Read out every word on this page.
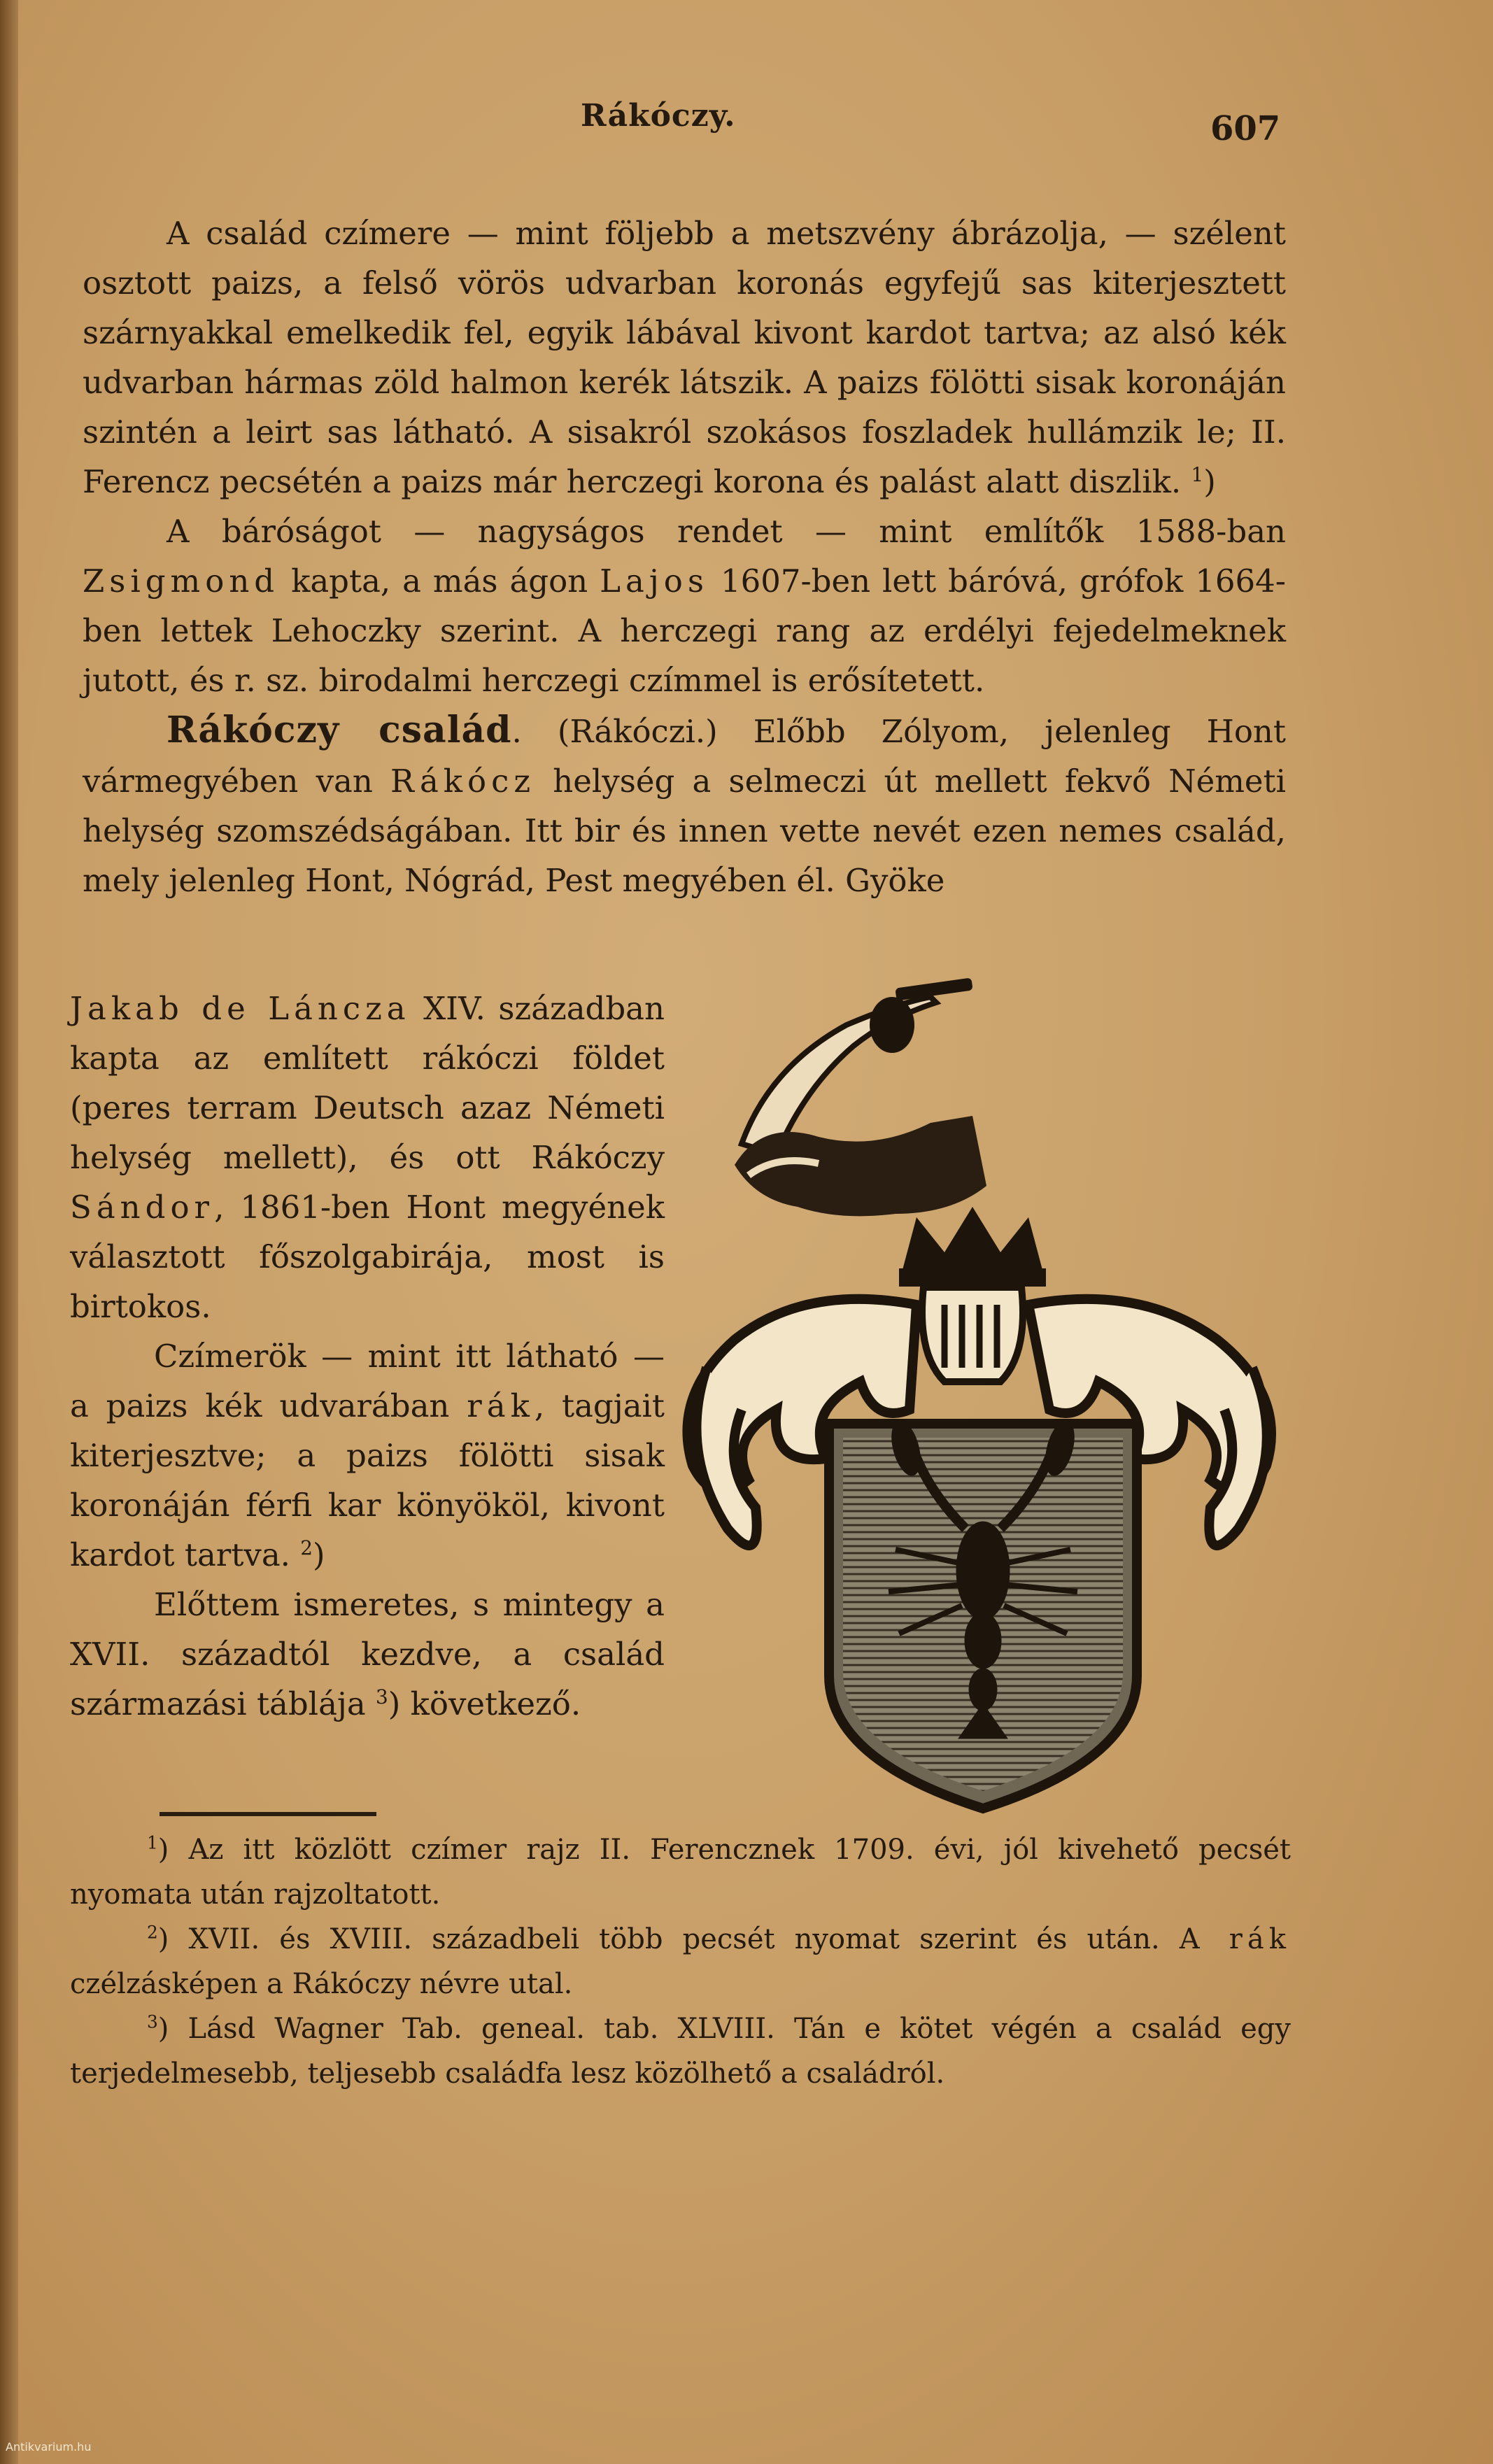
Rákóczy.	607

A család czímere — mint följebb a metszvény ábrázolja, — szélent osztott paizs, a felső vörös udvarban koronás egyfejű sas kiterjesztett szárnyakkal emelkedik fel, egyik lábával kivont kardot tartva; az alsó kék udvarban hármas zöld halmon kerék látszik. A paizs fölötti sisak koronáján szintén a leirt sas látható. A sisakról szokásos foszladek hullámzik le; II. Ferencz pecsétén a paizs már herczegi korona és palást alatt diszlik. $^1$)

A báróságot — nagyságos rendet — mint említők 1588-ban Zsigmond kapta, a más ágon Lajos 1607-ben lett báróvá, grófok 1664-ben lettek Lehoczky szerint. A herczegi rang az erdélyi fejedelmeknek jutott, és r. sz. birodalmi herczegi czímmel is erősítetett.

Rákóczy család. (Rákóczi.) Előbb Zólyom, jelenleg Hont vármegyében van Rákócz helység a selmeczi út mellett fekvő Németi helység szomszédságában. Itt bir és innen vette nevét ezen nemes család, mely jelenleg Hont, Nógrád, Pest megyében él. Gyöke

Jakab de Láncza XIV. században kapta az említett rákóczi földet (peres terram Deutsch azaz Németi helység mellett), és ott Rákóczy Sándor, 1861-ben Hont megyének választott főszolgabirája, most is birtokos.

Czímerök — mint itt látható — a paizs kék udvarában rák, tagjait kiterjesztve; a paizs fölötti sisak koronáján férfi kar könyököl, kivont kardot tartva. $^2$)

Előttem ismeretes, s mintegy a XVII. századtól kezdve, a család származási táblája $^3$) következő.

$^1$) Az itt közlött czímer rajz II. Ferencznek 1709. évi, jól kivehető pecsét nyomata után rajzoltatott.

$^2$) XVII. és XVIII. századbeli több pecsét nyomat szerint és után. A rák czélzásképen a Rákóczy névre utal.

$^3$) Lásd Wagner Tab. geneal. tab. XLVIII. Tán e kötet végén a család egy terjedelmesebb, teljesebb családfa lesz közölhető a családról.

Antikvarium.hu
